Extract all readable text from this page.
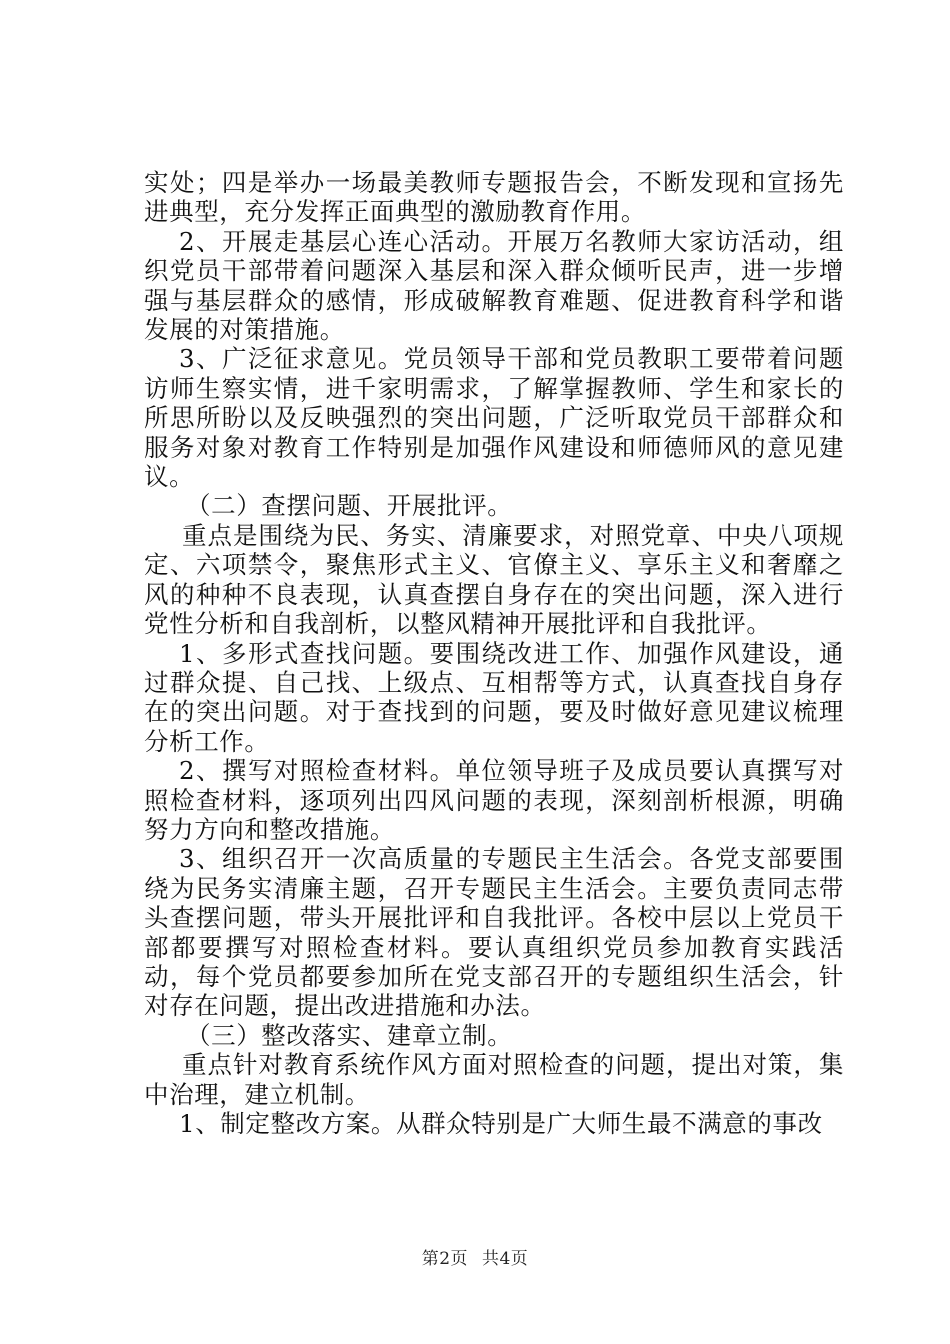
实处；四是举办一场最美教师专题报告会，不断发现和宣扬先进典型，充分发挥正面典型的激励教育作用。

2、开展走基层心连心活动。开展万名教师大家访活动，组织党员干部带着问题深入基层和深入群众倾听民声，进一步增强与基层群众的感情，形成破解教育难题、促进教育科学和谐发展的对策措施。

3、广泛征求意见。党员领导干部和党员教职工要带着问题访师生察实情，进千家明需求，了解掌握教师、学生和家长的所思所盼以及反映强烈的突出问题，广泛听取党员干部群众和服务对象对教育工作特别是加强作风建设和师德师风的意见建议。

（二）查摆问题、开展批评。

重点是围绕为民、务实、清廉要求，对照党章、中央八项规定、六项禁令，聚焦形式主义、官僚主义、享乐主义和奢靡之风的种种不良表现，认真查摆自身存在的突出问题，深入进行党性分析和自我剖析，以整风精神开展批评和自我批评。

1、多形式查找问题。要围绕改进工作、加强作风建设，通过群众提、自己找、上级点、互相帮等方式，认真查找自身存在的突出问题。对于查找到的问题，要及时做好意见建议梳理分析工作。

2、撰写对照检查材料。单位领导班子及成员要认真撰写对照检查材料，逐项列出四风问题的表现，深刻剖析根源，明确努力方向和整改措施。

3、组织召开一次高质量的专题民主生活会。各党支部要围绕为民务实清廉主题，召开专题民主生活会。主要负责同志带头查摆问题，带头开展批评和自我批评。各校中层以上党员干部都要撰写对照检查材料。要认真组织党员参加教育实践活动，每个党员都要参加所在党支部召开的专题组织生活会，针对存在问题，提出改进措施和办法。

（三）整改落实、建章立制。

重点针对教育系统作风方面对照检查的问题，提出对策，集中治理，建立机制。

1、制定整改方案。从群众特别是广大师生最不满意的事改

第2页 共4页
